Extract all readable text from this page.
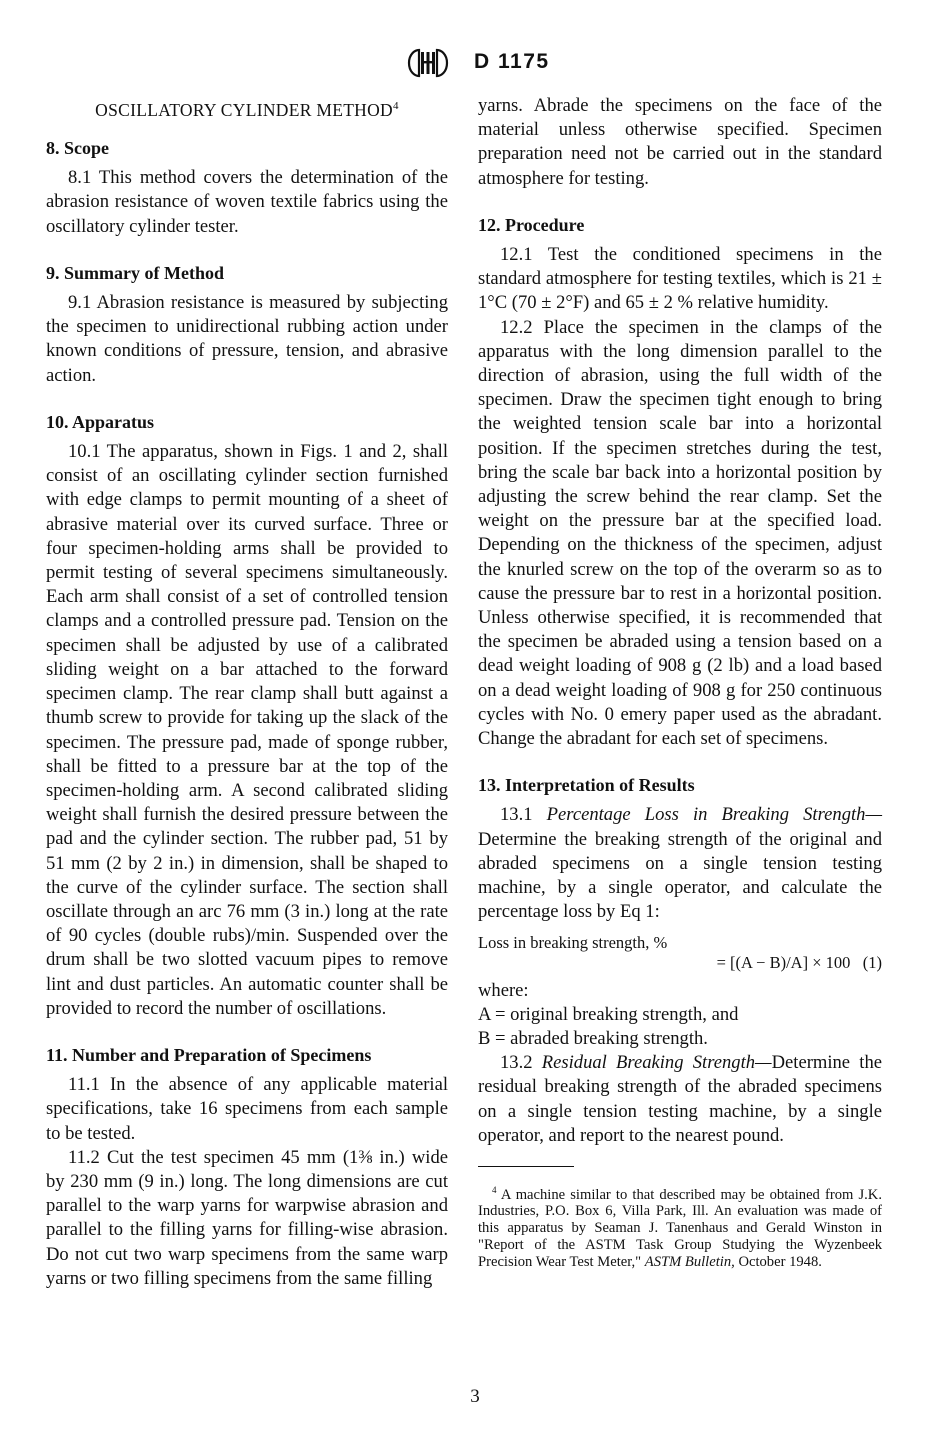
D 1175
OSCILLATORY CYLINDER METHOD$^4$
8. Scope

8.1 This method covers the determination of the abrasion resistance of woven textile fabrics using the oscillatory cylinder tester.

9. Summary of Method

9.1 Abrasion resistance is measured by subjecting the specimen to unidirectional rubbing action under known conditions of pressure, tension, and abrasive action.

10. Apparatus

10.1 The apparatus, shown in Figs. 1 and 2, shall consist of an oscillating cylinder section furnished with edge clamps to permit mounting of a sheet of abrasive material over its curved surface. Three or four specimen-holding arms shall be provided to permit testing of several specimens simultaneously. Each arm shall consist of a set of controlled tension clamps and a controlled pressure pad. Tension on the specimen shall be adjusted by use of a calibrated sliding weight on a bar attached to the forward specimen clamp. The rear clamp shall butt against a thumb screw to provide for taking up the slack of the specimen. The pressure pad, made of sponge rubber, shall be fitted to a pressure bar at the top of the specimen-holding arm. A second calibrated sliding weight shall furnish the desired pressure between the pad and the cylinder section. The rubber pad, 51 by 51 mm (2 by 2 in.) in dimension, shall be shaped to the curve of the cylinder surface. The section shall oscillate through an arc 76 mm (3 in.) long at the rate of 90 cycles (double rubs)/min. Suspended over the drum shall be two slotted vacuum pipes to remove lint and dust particles. An automatic counter shall be provided to record the number of oscillations.

11. Number and Preparation of Specimens

11.1 In the absence of any applicable material specifications, take 16 specimens from each sample to be tested.

11.2 Cut the test specimen 45 mm (1⅜ in.) wide by 230 mm (9 in.) long. The long dimensions are cut parallel to the warp yarns for warpwise abrasion and parallel to the filling yarns for filling-wise abrasion. Do not cut two warp specimens from the same warp yarns or two filling specimens from the same filling

yarns. Abrade the specimens on the face of the material unless otherwise specified. Specimen preparation need not be carried out in the standard atmosphere for testing.

12. Procedure

12.1 Test the conditioned specimens in the standard atmosphere for testing textiles, which is 21 ± 1°C (70 ± 2°F) and 65 ± 2 % relative humidity.

12.2 Place the specimen in the clamps of the apparatus with the long dimension parallel to the direction of abrasion, using the full width of the specimen. Draw the specimen tight enough to bring the weighted tension scale bar into a horizontal position. If the specimen stretches during the test, bring the scale bar back into a horizontal position by adjusting the screw behind the rear clamp. Set the weight on the pressure bar at the specified load. Depending on the thickness of the specimen, adjust the knurled screw on the top of the overarm so as to cause the pressure bar to rest in a horizontal position. Unless otherwise specified, it is recommended that the specimen be abraded using a tension based on a dead weight loading of 908 g (2 lb) and a load based on a dead weight loading of 908 g for 250 continuous cycles with No. 0 emery paper used as the abradant. Change the abradant for each set of specimens.

13. Interpretation of Results

13.1 Percentage Loss in Breaking Strength—Determine the breaking strength of the original and abraded specimens on a single tension testing machine, by a single operator, and calculate the percentage loss by Eq 1:

Loss in breaking strength, %
= [(A − B)/A] × 100 (1)

where:

A = original breaking strength, and

B = abraded breaking strength.

13.2 Residual Breaking Strength—Determine the residual breaking strength of the abraded specimens on a single tension testing machine, by a single operator, and report to the nearest pound.

$^4$ A machine similar to that described may be obtained from J.K. Industries, P.O. Box 6, Villa Park, Ill. An evaluation was made of this apparatus by Seaman J. Tanenhaus and Gerald Winston in "Report of the ASTM Task Group Studying the Wyzenbeek Precision Wear Test Meter," ASTM Bulletin, October 1948.

3
